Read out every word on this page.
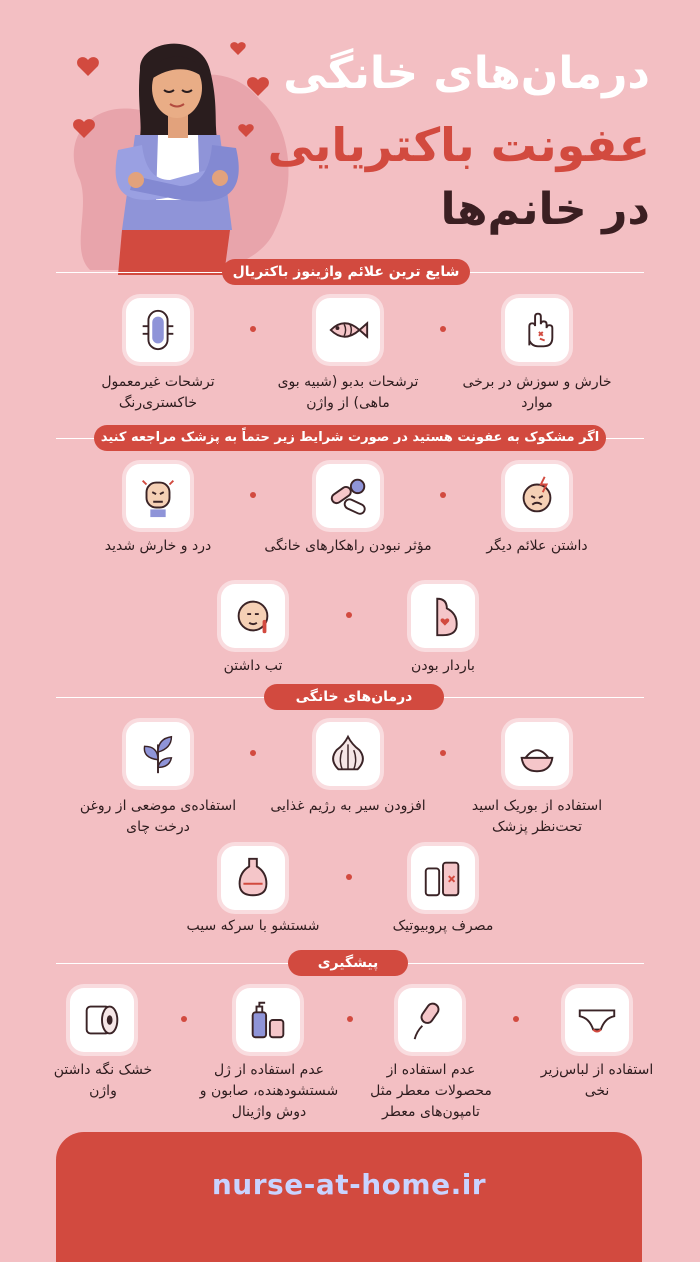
درمان‌های خانگی
عفونت باکتریایی
در خانم‌ها
شایع ترین علائم واژینوز باکتریال
خارش و سوزش در برخی موارد
ترشحات بدبو (شبیه بوی ماهی) از واژن
ترشحات غیرمعمول خاکستری‌رنگ
اگر مشکوک به عفونت هستید در صورت شرایط زیر حتماً به پزشک مراجعه کنید
داشتن علائم دیگر
مؤثر نبودن راهکارهای خانگی
درد و خارش شدید
باردار بودن
تب داشتن
درمان‌های خانگی
استفاده از بوریک اسید تحت‌نظر پزشک
افزودن سیر به رژیم غذایی
استفاده‌ی موضعی از روغن درخت چای
مصرف پروبیوتیک
شستشو با سرکه سیب
پیشگیری
استفاده از لباس‌زیر نخی
عدم استفاده از محصولات معطر مثل تامپون‌های معطر
عدم استفاده از ژل شستشودهنده، صابون و دوش واژینال
خشک نگه داشتن واژن
nurse-at-home.ir
